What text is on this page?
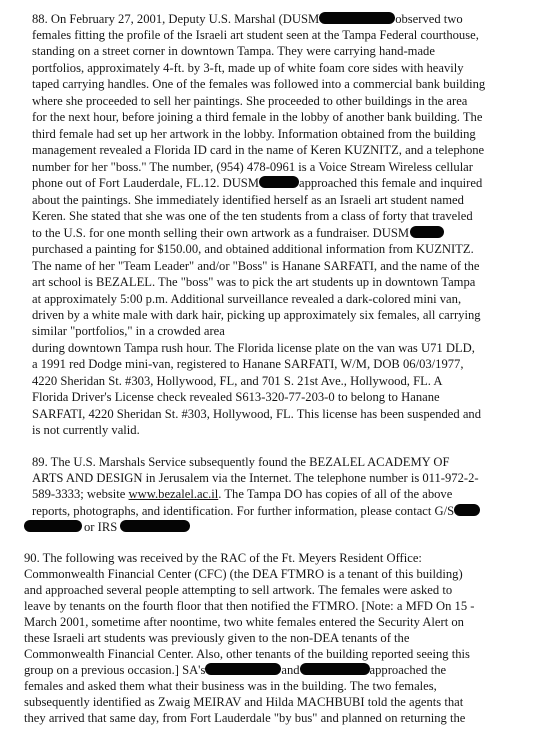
88. On February 27, 2001, Deputy U.S. Marshal (DUSM	observed two
females fitting the profile of the Israeli art student seen at the Tampa Federal courthouse,
standing on a street corner in downtown Tampa. They were carrying hand-made
portfolios, approximately 4-ft. by 3-ft, made up of white foam core sides with heavily
taped carrying handles. One of the females was followed into a commercial bank building
where she proceeded to sell her paintings. She proceeded to other buildings in the area
for the next hour, before joining a third female in the lobby of another bank building. The
third female had set up her artwork in the lobby. Information obtained from the building
management revealed a Florida ID card in the name of Keren KUZNITZ, and a telephone
number for her "boss." The number, (954) 478-0961 is a Voice Stream Wireless cellular
phone out of Fort Lauderdale, FL.12. DUSM	approached this female and inquired
about the paintings. She immediately identified herself as an Israeli art student named
Keren. She stated that she was one of the ten students from a class of forty that traveled
to the U.S. for one month selling their own artwork as a fundraiser. DUSM
purchased a painting for $150.00, and obtained additional information from KUZNITZ.
The name of her "Team Leader" and/or "Boss" is Hanane SARFATI, and the name of the
art school is BEZALEL. The "boss" was to pick the art students up in downtown Tampa
at approximately 5:00 p.m. Additional surveillance revealed a dark-colored mini van,
driven by a white male with dark hair, picking up approximately six females, all carrying
similar "portfolios," in a crowded area
during downtown Tampa rush hour. The Florida license plate on the van was U71 DLD,
a 1991 red Dodge mini-van, registered to Hanane SARFATI, W/M, DOB 06/03/1977,
4220 Sheridan St. #303, Hollywood, FL, and 701 S. 21st Ave., Hollywood, FL. A
Florida Driver's License check revealed S613-320-77-203-0 to belong to Hanane
SARFATI, 4220 Sheridan St. #303, Hollywood, FL. This license has been suspended and
is not currently valid.
89. The U.S. Marshals Service subsequently found the BEZALEL ACADEMY OF
ARTS AND DESIGN in Jerusalem via the Internet. The telephone number is 011-972-2-
589-3333; website www.bezalel.ac.il. The Tampa DO has copies of all of the above
reports, photographs, and identification. For further information, please contact G/S
or IRS
90. The following was received by the RAC of the Ft. Meyers Resident Office:
Commonwealth Financial Center (CFC) (the DEA FTMRO is a tenant of this building)
and approached several people attempting to sell artwork. The females were asked to
leave by tenants on the fourth floor that then notified the FTMRO. [Note: a MFD On 15 -
March 2001, sometime after noontime, two white females entered the Security Alert on
these Israeli art students was previously given to the non-DEA tenants of the
Commonwealth Financial Center. Also, other tenants of the building reported seeing this
group on a previous occasion.] SA's	and	approached the
females and asked them what their business was in the building. The two females,
subsequently identified as Zwaig MEIRAV and Hilda MACHBUBI told the agents that
they arrived that same day, from Fort Lauderdale "by bus" and planned on returning the
